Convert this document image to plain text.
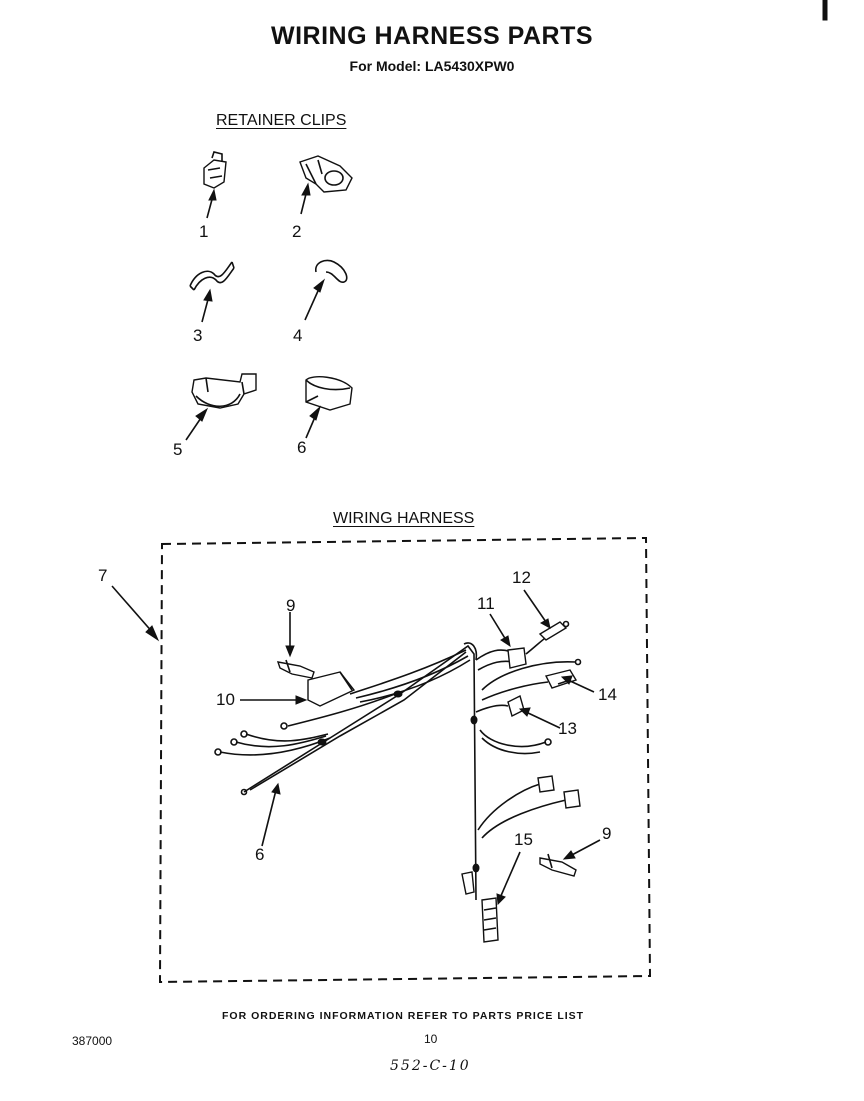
WIRING HARNESS PARTS
For Model: LA5430XPW0
RETAINER CLIPS
WIRING HARNESS
1	2
3	4
5	6
7
9
10
11
12
14
13
9
15
6
FOR ORDERING INFORMATION REFER TO PARTS PRICE LIST
387000	10
552-C-10
